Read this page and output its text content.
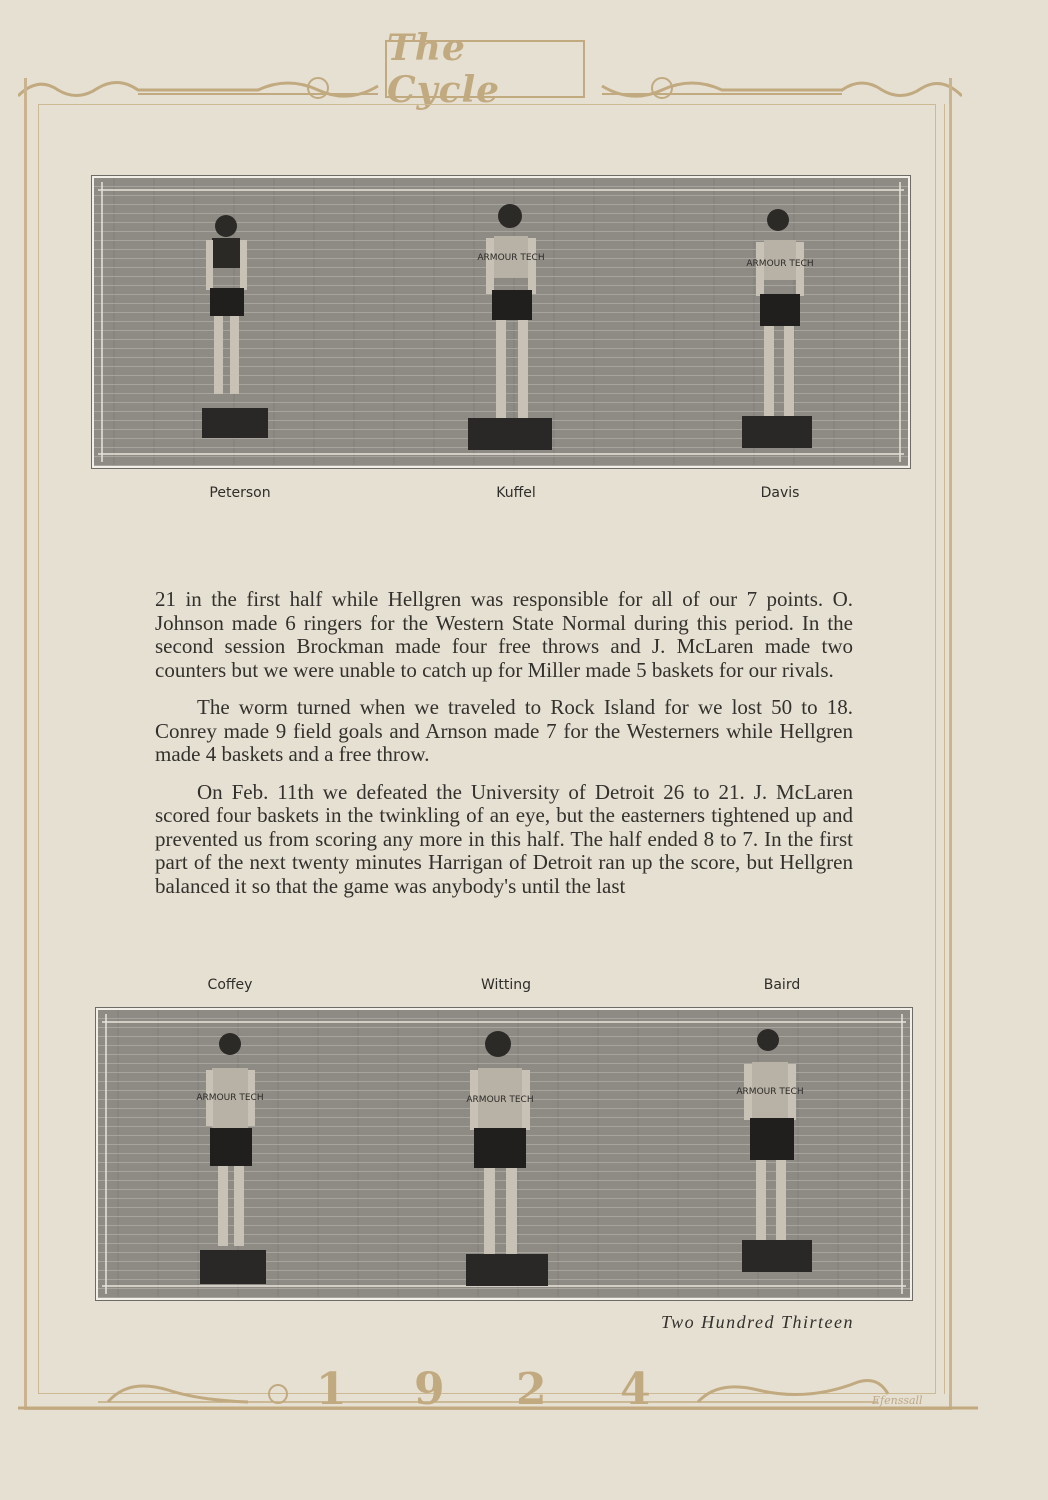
The Cycle
ARMOUR TECH
ARMOUR TECH
Peterson	Kuffel	Davis

21 in the first half while Hellgren was responsible for all of our 7 points. O. Johnson made 6 ringers for the Western State Normal during this period. In the second session Brockman made four free throws and J. McLaren made two counters but we were unable to catch up for Miller made 5 baskets for our rivals.

The worm turned when we traveled to Rock Island for we lost 50 to 18. Conrey made 9 field goals and Arnson made 7 for the Westerners while Hellgren made 4 baskets and a free throw.

On Feb. 11th we defeated the University of Detroit 26 to 21. J. McLaren scored four baskets in the twinkling of an eye, but the easterners tightened up and prevented us from scoring any more in this half. The half ended 8 to 7. In the first part of the next twenty minutes Harrigan of Detroit ran up the score, but Hellgren balanced it so that the game was anybody's until the last

Coffey	Witting	Baird
ARMOUR TECH	ARMOUR TECH
ARMOUR TECH
Two Hundred Thirteen
1 9 2 4	Efenssall
